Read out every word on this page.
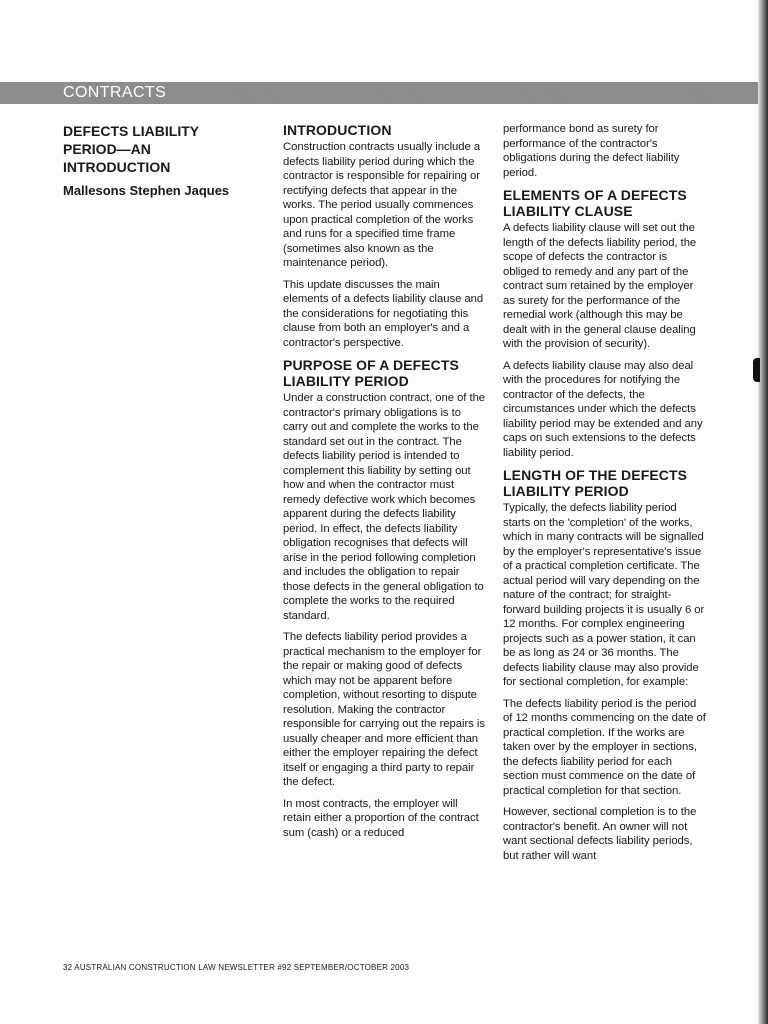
CONTRACTS
DEFECTS LIABILITY
PERIOD—AN
INTRODUCTION
Mallesons Stephen Jaques
INTRODUCTION

Construction contracts usually include a defects liability period during which the contractor is responsible for repairing or rectifying defects that appear in the works. The period usually commences upon practical completion of the works and runs for a specified time frame (sometimes also known as the maintenance period).

This update discusses the main elements of a defects liability clause and the considerations for negotiating this clause from both an employer's and a contractor's perspective.

PURPOSE OF A DEFECTS LIABILITY PERIOD

Under a construction contract, one of the contractor's primary obligations is to carry out and complete the works to the standard set out in the contract. The defects liability period is intended to complement this liability by setting out how and when the contractor must remedy defective work which becomes apparent during the defects liability period. In effect, the defects liability obligation recognises that defects will arise in the period following completion and includes the obligation to repair those defects in the general obligation to complete the works to the required standard.

The defects liability period provides a practical mechanism to the employer for the repair or making good of defects which may not be apparent before completion, without resorting to dispute resolution. Making the contractor responsible for carrying out the repairs is usually cheaper and more efficient than either the employer repairing the defect itself or engaging a third party to repair the defect.

In most contracts, the employer will retain either a proportion of the contract sum (cash) or a reduced

performance bond as surety for performance of the contractor's obligations during the defect liability period.

ELEMENTS OF A DEFECTS LIABILITY CLAUSE

A defects liability clause will set out the length of the defects liability period, the scope of defects the contractor is obliged to remedy and any part of the contract sum retained by the employer as surety for the performance of the remedial work (although this may be dealt with in the general clause dealing with the provision of security).

A defects liability clause may also deal with the procedures for notifying the contractor of the defects, the circumstances under which the defects liability period may be extended and any caps on such extensions to the defects liability period.

LENGTH OF THE DEFECTS LIABILITY PERIOD

Typically, the defects liability period starts on the 'completion' of the works, which in many contracts will be signalled by the employer's representative's issue of a practical completion certificate. The actual period will vary depending on the nature of the contract; for straight-forward building projects it is usually 6 or 12 months. For complex engineering projects such as a power station, it can be as long as 24 or 36 months. The defects liability clause may also provide for sectional completion, for example:

The defects liability period is the period of 12 months commencing on the date of practical completion. If the works are taken over by the employer in sections, the defects liability period for each section must commence on the date of practical completion for that section.

However, sectional completion is to the contractor's benefit. An owner will not want sectional defects liability periods, but rather will want

32 AUSTRALIAN CONSTRUCTION LAW NEWSLETTER #92 SEPTEMBER/OCTOBER 2003
